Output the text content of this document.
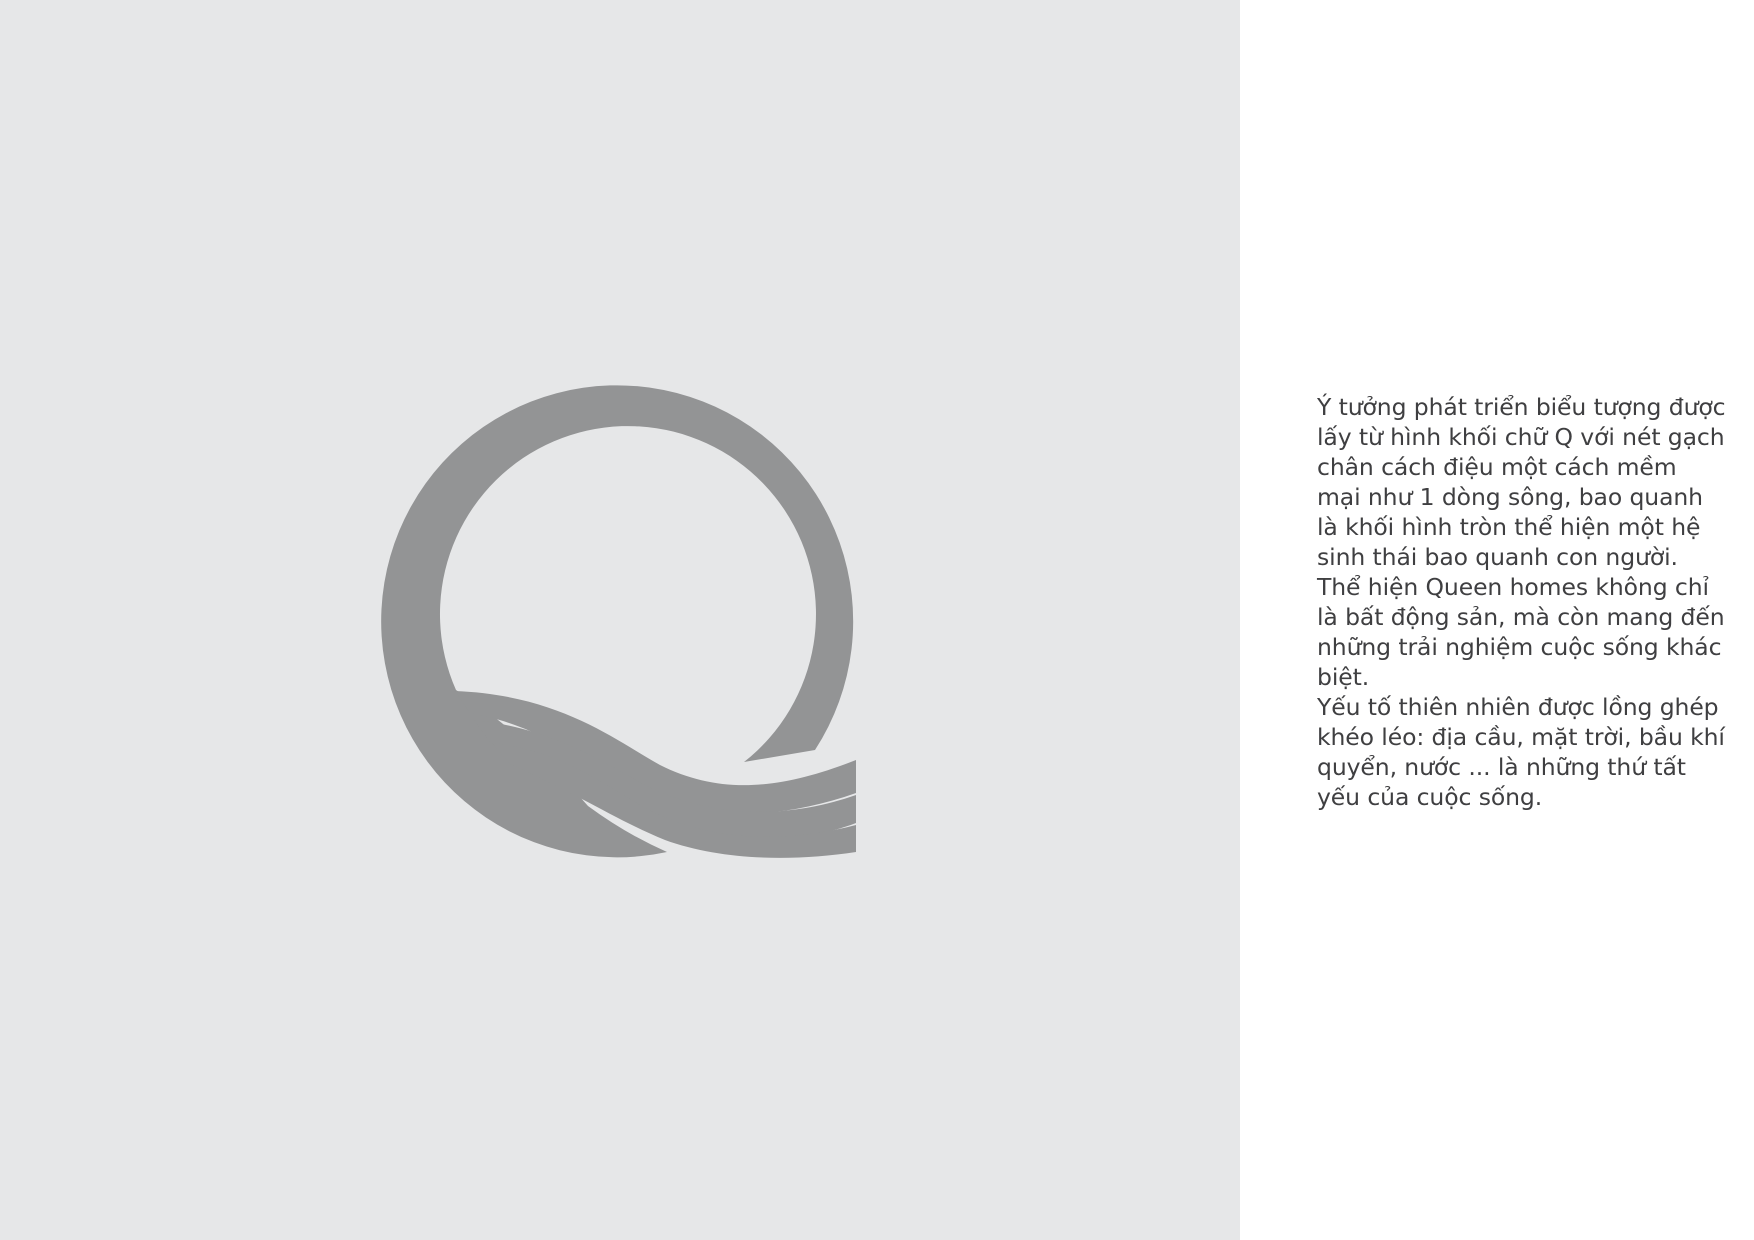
Ý tưởng phát triển biểu tượng được lấy từ hình khối chữ Q với nét gạch chân cách điệu một cách mềm mại như 1 dòng sông, bao quanh là khối hình tròn thể hiện một hệ sinh thái bao quanh con người. Thể hiện Queen homes không chỉ là bất động sản, mà còn mang đến những trải nghiệm cuộc sống khác biệt.

Yếu tố thiên nhiên được lồng ghép khéo léo: địa cầu, mặt trời, bầu khí quyển, nước ... là những thứ tất yếu của cuộc sống.
